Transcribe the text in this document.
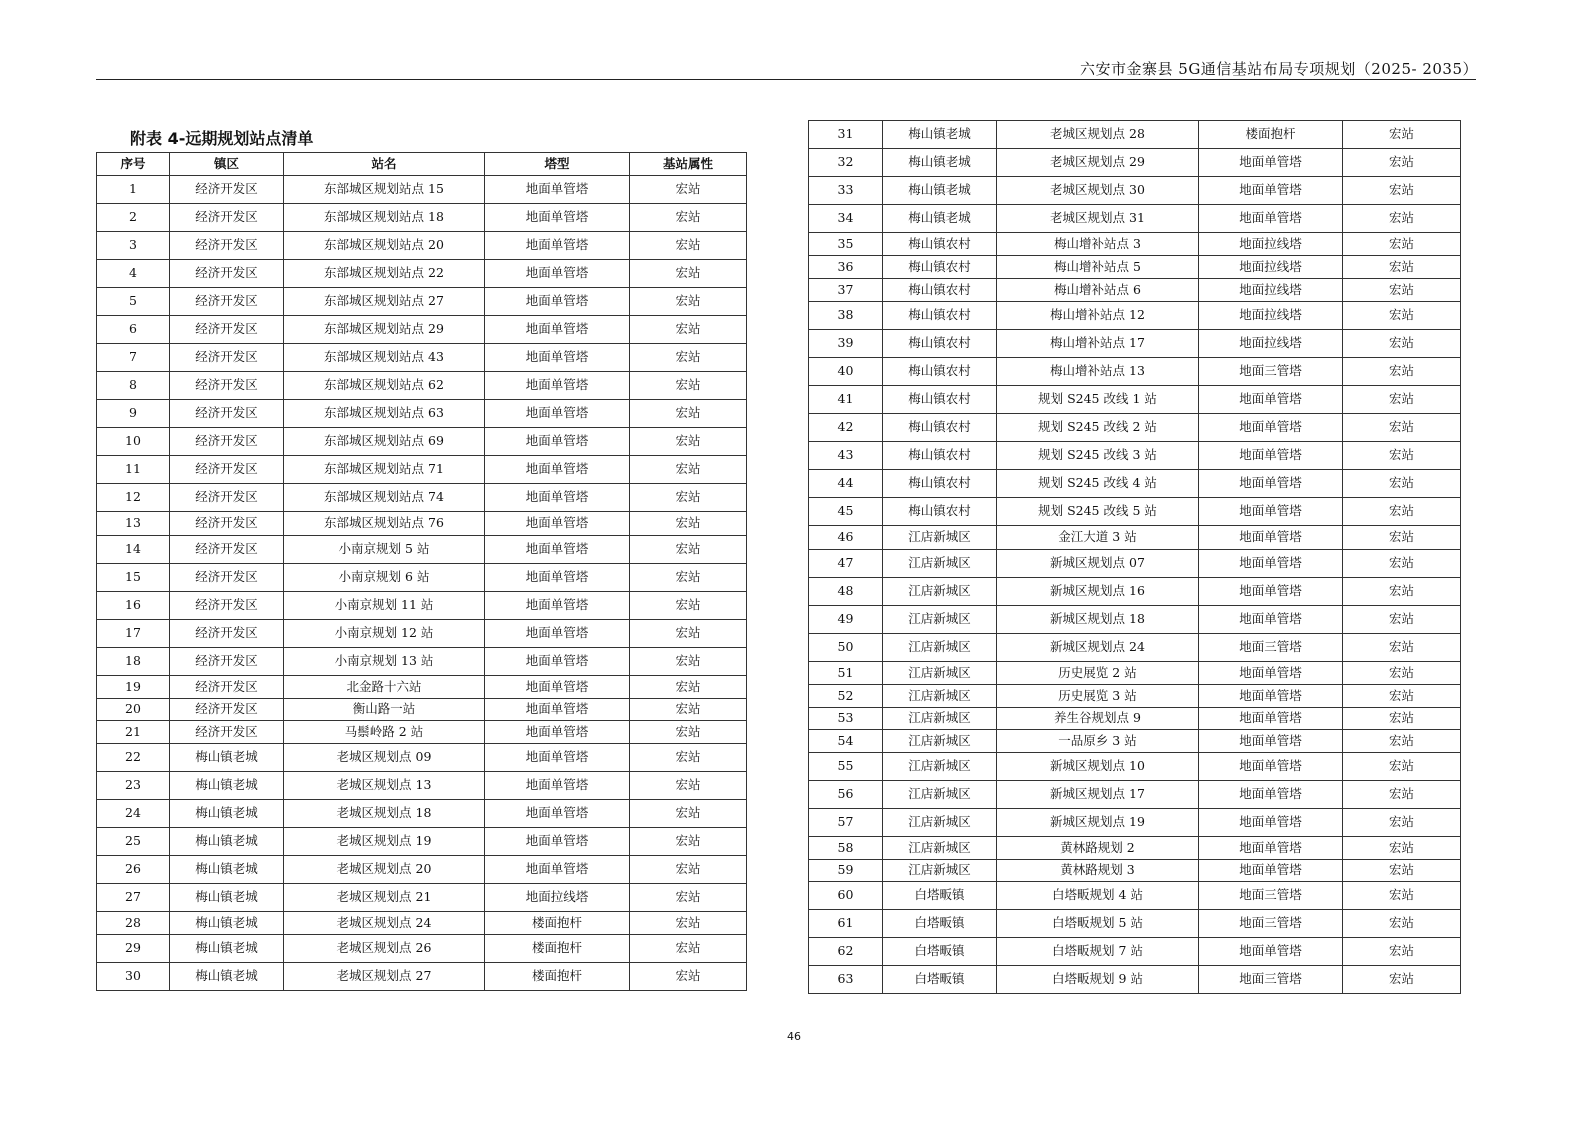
六安市金寨县 5G通信基站布局专项规划（2025- 2035）
附表 4-远期规划站点清单
序号	镇区	站名	塔型	基站属性
1	经济开发区	东部城区规划站点 15	地面单管塔	宏站
2	经济开发区	东部城区规划站点 18	地面单管塔	宏站
3	经济开发区	东部城区规划站点 20	地面单管塔	宏站
4	经济开发区	东部城区规划站点 22	地面单管塔	宏站
5	经济开发区	东部城区规划站点 27	地面单管塔	宏站
6	经济开发区	东部城区规划站点 29	地面单管塔	宏站
7	经济开发区	东部城区规划站点 43	地面单管塔	宏站
8	经济开发区	东部城区规划站点 62	地面单管塔	宏站
9	经济开发区	东部城区规划站点 63	地面单管塔	宏站
10	经济开发区	东部城区规划站点 69	地面单管塔	宏站
11	经济开发区	东部城区规划站点 71	地面单管塔	宏站
12	经济开发区	东部城区规划站点 74	地面单管塔	宏站
13	经济开发区	东部城区规划站点 76	地面单管塔	宏站
14	经济开发区	小南京规划 5 站	地面单管塔	宏站
15	经济开发区	小南京规划 6 站	地面单管塔	宏站
16	经济开发区	小南京规划 11 站	地面单管塔	宏站
17	经济开发区	小南京规划 12 站	地面单管塔	宏站
18	经济开发区	小南京规划 13 站	地面单管塔	宏站
19	经济开发区	北金路十六站	地面单管塔	宏站
20	经济开发区	衡山路一站	地面单管塔	宏站
21	经济开发区	马鬃岭路 2 站	地面单管塔	宏站
22	梅山镇老城	老城区规划点 09	地面单管塔	宏站
23	梅山镇老城	老城区规划点 13	地面单管塔	宏站
24	梅山镇老城	老城区规划点 18	地面单管塔	宏站
25	梅山镇老城	老城区规划点 19	地面单管塔	宏站
26	梅山镇老城	老城区规划点 20	地面单管塔	宏站
27	梅山镇老城	老城区规划点 21	地面拉线塔	宏站
28	梅山镇老城	老城区规划点 24	楼面抱杆	宏站
29	梅山镇老城	老城区规划点 26	楼面抱杆	宏站
30	梅山镇老城	老城区规划点 27	楼面抱杆	宏站
31	梅山镇老城	老城区规划点 28	楼面抱杆	宏站
32	梅山镇老城	老城区规划点 29	地面单管塔	宏站
33	梅山镇老城	老城区规划点 30	地面单管塔	宏站
34	梅山镇老城	老城区规划点 31	地面单管塔	宏站
35	梅山镇农村	梅山增补站点 3	地面拉线塔	宏站
36	梅山镇农村	梅山增补站点 5	地面拉线塔	宏站
37	梅山镇农村	梅山增补站点 6	地面拉线塔	宏站
38	梅山镇农村	梅山增补站点 12	地面拉线塔	宏站
39	梅山镇农村	梅山增补站点 17	地面拉线塔	宏站
40	梅山镇农村	梅山增补站点 13	地面三管塔	宏站
41	梅山镇农村	规划 S245 改线 1 站	地面单管塔	宏站
42	梅山镇农村	规划 S245 改线 2 站	地面单管塔	宏站
43	梅山镇农村	规划 S245 改线 3 站	地面单管塔	宏站
44	梅山镇农村	规划 S245 改线 4 站	地面单管塔	宏站
45	梅山镇农村	规划 S245 改线 5 站	地面单管塔	宏站
46	江店新城区	金江大道 3 站	地面单管塔	宏站
47	江店新城区	新城区规划点 07	地面单管塔	宏站
48	江店新城区	新城区规划点 16	地面单管塔	宏站
49	江店新城区	新城区规划点 18	地面单管塔	宏站
50	江店新城区	新城区规划点 24	地面三管塔	宏站
51	江店新城区	历史展览 2 站	地面单管塔	宏站
52	江店新城区	历史展览 3 站	地面单管塔	宏站
53	江店新城区	养生谷规划点 9	地面单管塔	宏站
54	江店新城区	一品原乡 3 站	地面单管塔	宏站
55	江店新城区	新城区规划点 10	地面单管塔	宏站
56	江店新城区	新城区规划点 17	地面单管塔	宏站
57	江店新城区	新城区规划点 19	地面单管塔	宏站
58	江店新城区	黄林路规划 2	地面单管塔	宏站
59	江店新城区	黄林路规划 3	地面单管塔	宏站
60	白塔畈镇	白塔畈规划 4 站	地面三管塔	宏站
61	白塔畈镇	白塔畈规划 5 站	地面三管塔	宏站
62	白塔畈镇	白塔畈规划 7 站	地面单管塔	宏站
63	白塔畈镇	白塔畈规划 9 站	地面三管塔	宏站
46
